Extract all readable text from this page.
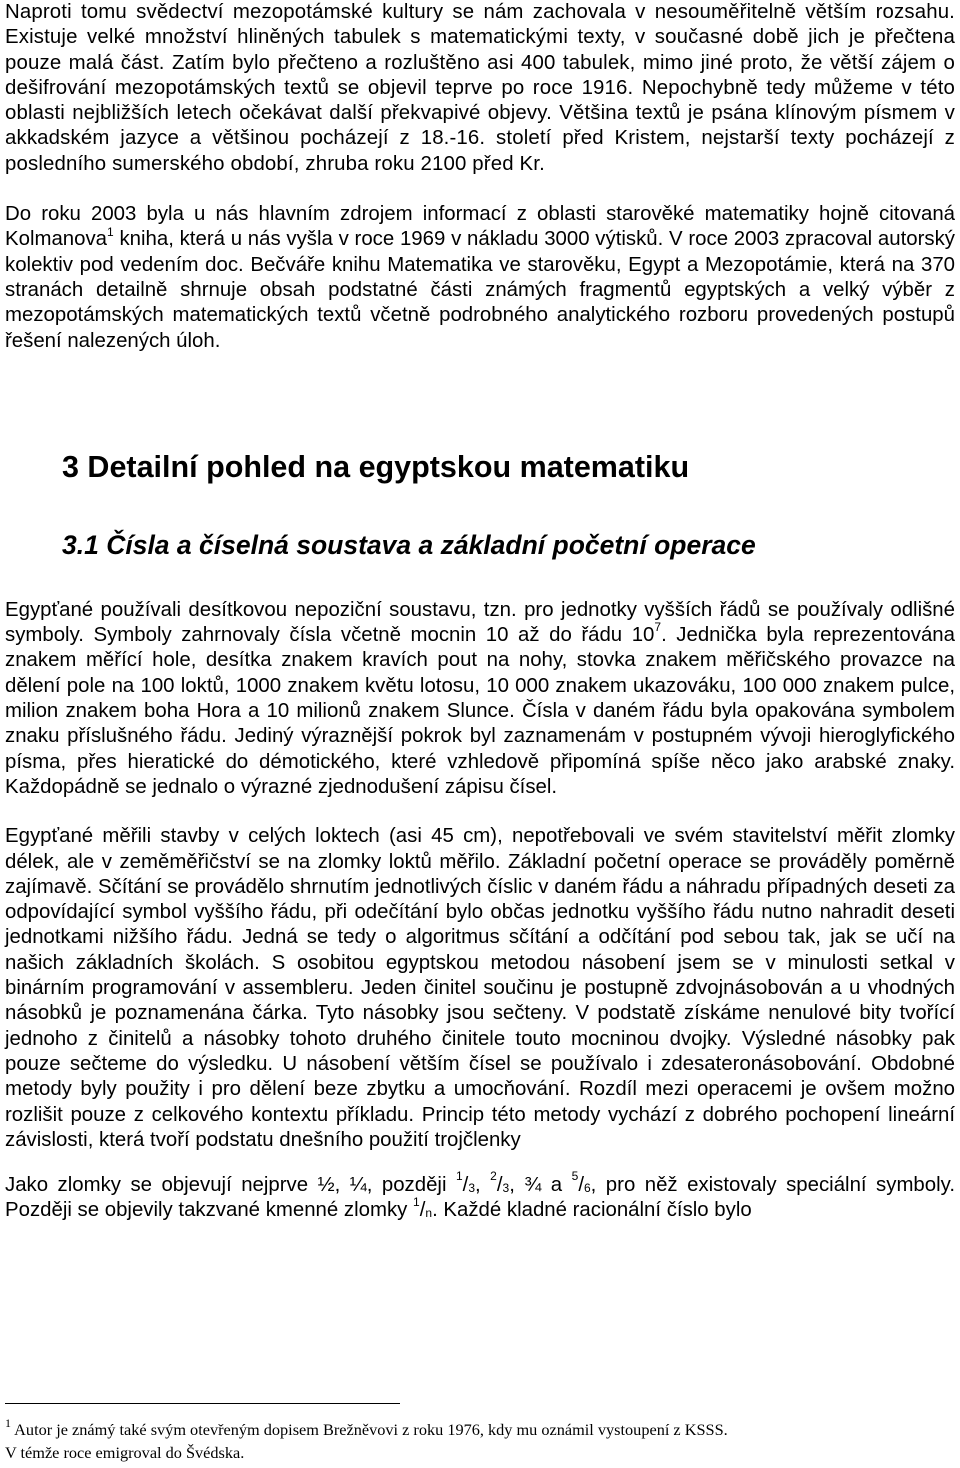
Naproti tomu svědectví mezopotámské kultury se nám zachovala v nesouměřitelně větším rozsahu. Existuje velké množství hliněných tabulek s matematickými texty, v současné době jich je přečtena pouze malá část. Zatím bylo přečteno a rozluštěno asi 400 tabulek, mimo jiné proto, že větší zájem o dešifrování mezopotámských textů se objevil teprve po roce 1916. Nepochybně tedy můžeme v této oblasti nejbližších letech očekávat další překvapivé objevy. Většina textů je psána klínovým písmem v akkadském jazyce a většinou pocházejí z 18.-16. století před Kristem, nejstarší texty pocházejí z posledního sumerského období, zhruba roku 2100 před Kr.

Do roku 2003 byla u nás hlavním zdrojem informací z oblasti starověké matematiky hojně citovaná Kolmanova$^1$ kniha, která u nás vyšla v roce 1969 v nákladu 3000 výtisků. V roce 2003 zpracoval autorský kolektiv pod vedením doc. Bečváře knihu Matematika ve starověku, Egypt a Mezopotámie, která na 370 stranách detailně shrnuje obsah podstatné části známých fragmentů egyptských a velký výběr z mezopotámských matematických textů včetně podrobného analytického rozboru provedených postupů řešení nalezených úloh.

3 Detailní pohled na egyptskou matematiku
3.1 Čísla a číselná soustava a základní početní operace

Egypťané používali desítkovou nepoziční soustavu, tzn. pro jednotky vyšších řádů se používaly odlišné symboly. Symboly zahrnovaly čísla včetně mocnin 10 až do řádu $10^7$. Jednička byla reprezentována znakem měřící hole, desítka znakem kravích pout na nohy, stovka znakem měřičského provazce na dělení pole na 100 loktů, 1000 znakem květu lotosu, 10 000 znakem ukazováku, 100 000 znakem pulce, milion znakem boha Hora a 10 milionů znakem Slunce. Čísla v daném řádu byla opakována symbolem znaku příslušného řádu. Jediný výraznější pokrok byl zaznamenám v postupném vývoji hieroglyfického písma, přes hieratické do démotického, které vzhledově připomíná spíše něco jako arabské znaky. Každopádně se jednalo o výrazné zjednodušení zápisu čísel.

Egypťané měřili stavby v celých loktech (asi 45 cm), nepotřebovali ve svém stavitelství měřit zlomky délek, ale v zeměměřičství se na zlomky loktů měřilo. Základní početní operace se prováděly poměrně zajímavě. Sčítání se provádělo shrnutím jednotlivých číslic v daném řádu a náhradu případných deseti za odpovídající symbol vyššího řádu, při odečítání bylo občas jednotku vyššího řádu nutno nahradit deseti jednotkami nižšího řádu. Jedná se tedy o algoritmus sčítání a odčítání pod sebou tak, jak se učí na našich základních školách. S osobitou egyptskou metodou násobení jsem se v minulosti setkal v binárním programování v assembleru. Jeden činitel součinu je postupně zdvojnásobován a u vhodných násobků je poznamenána čárka. Tyto násobky jsou sečteny. V podstatě získáme nenulové bity tvořící jednoho z činitelů a násobky tohoto druhého činitele touto mocninou dvojky. Výsledné násobky pak pouze sečteme do výsledku. U násobení větším čísel se používalo i zdesateronásobování. Obdobné metody byly použity i pro dělení beze zbytku a umocňování. Rozdíl mezi operacemi je ovšem možno rozlišit pouze z celkového kontextu příkladu. Princip této metody vychází z dobrého pochopení lineární závislosti, která tvoří podstatu dnešního použití trojčlenky

Jako zlomky se objevují nejprve ½, ¼, později $^1/_3$, $^2/_3$, ¾ a $^5/_6$, pro něž existovaly speciální symboly. Později se objevily takzvané kmenné zlomky $^1/_n$. Každé kladné racionální číslo bylo

$^1$ Autor je známý také svým otevřeným dopisem Brežněvovi z roku 1976, kdy mu oznámil vystoupení z KSSS.
V témže roce emigroval do Švédska.
